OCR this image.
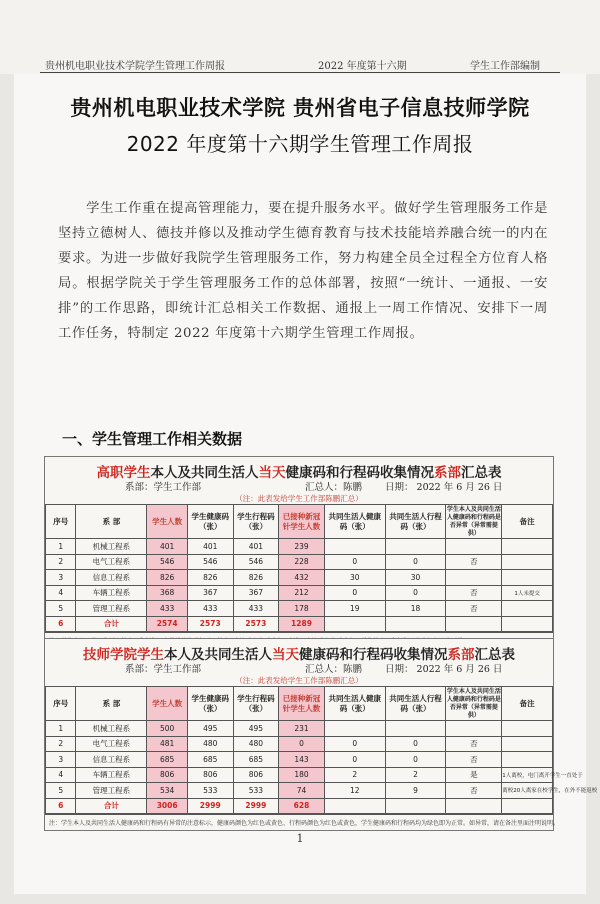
贵州机电职业技术学院学生管理工作周报	2022 年度第十六期	学生工作部编制
贵州机电职业技术学院 贵州省电子信息技师学院
2022 年度第十六期学生管理工作周报
学生工作重在提高管理能力，要在提升服务水平。做好学生管理服务工作是坚持立德树人、德技并修以及推动学生德育教育与技术技能培养融合统一的内在要求。为进一步做好我院学生管理服务工作，努力构建全员全过程全方位育人格局。根据学院关于学生管理服务工作的总体部署，按照“一统计、一通报、一安排”的工作思路，即统计汇总相关工作数据、通报上一周工作情况、安排下一周工作任务，特制定 2022 年度第十六期学生管理工作周报。
一、学生管理工作相关数据
高职学生本人及共同生活人当天健康码和行程码收集情况系部汇总表
系部：学生工作部	汇总人：陈鹏 日期： 2022 年 6 月 26 日
（注：此表发给学生工作部陈鹏汇总）
序号	系 部	学生人数	学生健康码（张）	学生行程码（张）	已接种新冠针学生人数	共同生活人健康码（张）	共同生活人行程码（张）	学生本人及共同生活人健康码和行程码是否异常（异常需提供）	备注
1	机械工程系	401	401	401	239				
2	电气工程系	546	546	546	228	0	0	否	
3	信息工程系	826	826	826	432	30	30		
4	车辆工程系	368	367	367	212	0	0	否	1人未提交
5	管理工程系	433	433	433	178	19	18	否	
6	合计	2574	2573	2573	1289				
技师学院学生本人及共同生活人当天健康码和行程码收集情况系部汇总表
系部：学生工作部	汇总人：陈鹏 日期： 2022 年 6 月 26 日
（注：此表发给学生工作部陈鹏汇总）
序号	系 部	学生人数	学生健康码（张）	学生行程码（张）	已接种新冠针学生人数	共同生活人健康码（张）	共同生活人行程码（张）	学生本人及共同生活人健康码和行程码是否异常（异常需提供）	备注
1	机械工程系	500	495	495	231				
2	电气工程系	481	480	480	0	0	0	否	
3	信息工程系	685	685	685	143	0	0	否	
4	车辆工程系	806	806	806	180	2	2	是	1人离校，电门离开学生一直处于
5	管理工程系	534	533	533	74	12	9	否	离校20人离家在校学生，在外不能返校
6	合计	3006	2999	2999	628				
注：学生本人及共同生活人健康码和行程码有异常的注意标示，健康码颜色为红色或黄色、行程码颜色为红色或黄色，学生健康码和行程码均为绿色即为正常。如异常，请在备注里面注明说明。
1
